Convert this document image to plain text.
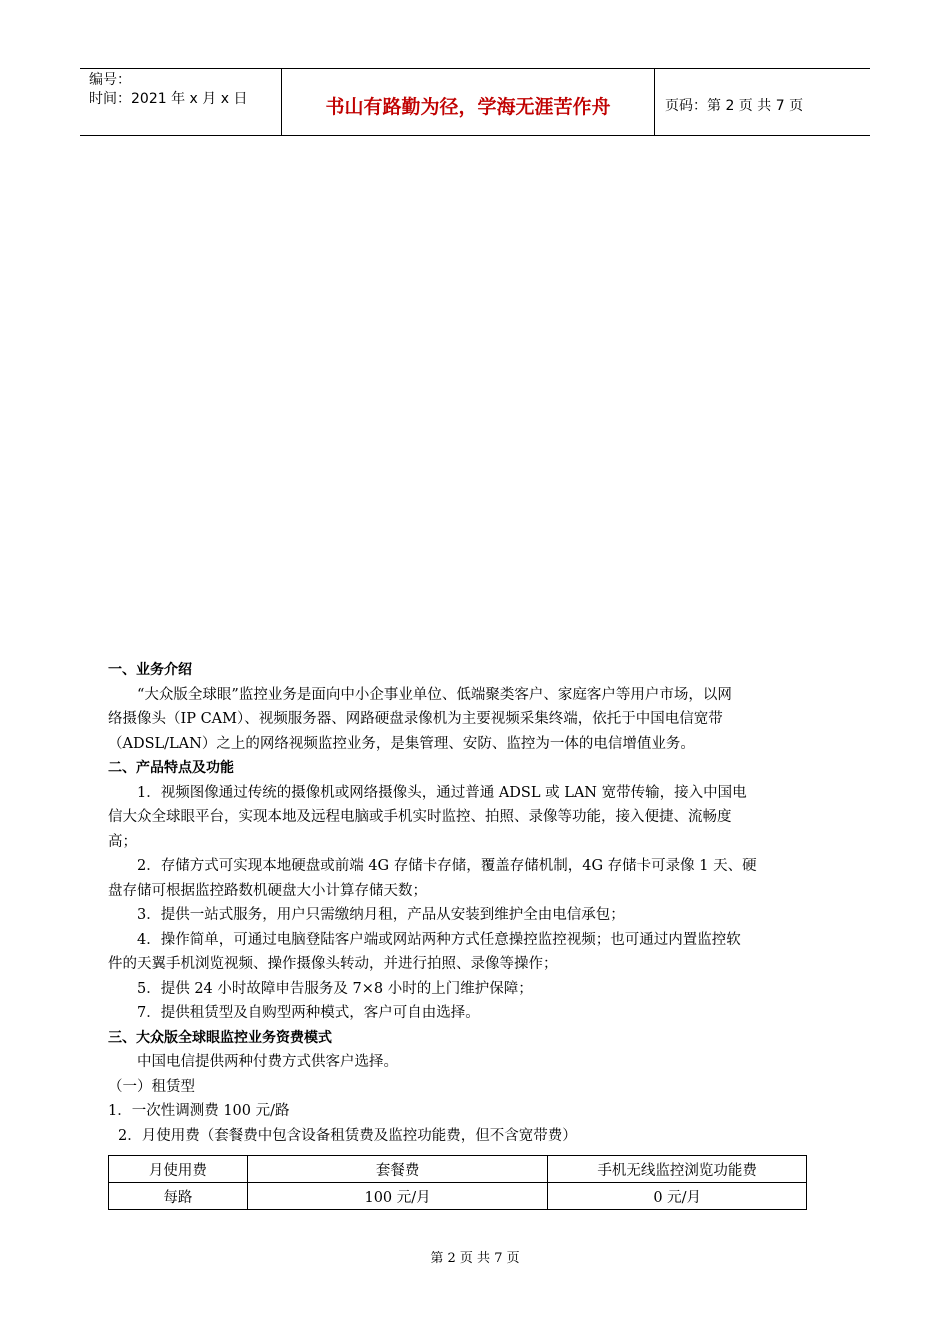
编号：
时间：2021 年 x 月 x 日	书山有路勤为径，学海无涯苦作舟	页码：第 2 页 共 7 页
一、业务介绍
“大众版全球眼”监控业务是面向中小企事业单位、低端聚类客户、家庭客户等用户市场，以网
络摄像头（IP CAM）、视频服务器、网路硬盘录像机为主要视频采集终端，依托于中国电信宽带
（ADSL/LAN）之上的网络视频监控业务，是集管理、安防、监控为一体的电信增值业务。
二、产品特点及功能
1．视频图像通过传统的摄像机或网络摄像头，通过普通 ADSL 或 LAN 宽带传输，接入中国电
信大众全球眼平台，实现本地及远程电脑或手机实时监控、拍照、录像等功能，接入便捷、流畅度
高；
2．存储方式可实现本地硬盘或前端 4G 存储卡存储，覆盖存储机制，4G 存储卡可录像 1 天、硬
盘存储可根据监控路数机硬盘大小计算存储天数；
3．提供一站式服务，用户只需缴纳月租，产品从安装到维护全由电信承包；
4．操作简单，可通过电脑登陆客户端或网站两种方式任意操控监控视频；也可通过内置监控软
件的天翼手机浏览视频、操作摄像头转动，并进行拍照、录像等操作；
5．提供 24 小时故障申告服务及 7×8 小时的上门维护保障；
7．提供租赁型及自购型两种模式，客户可自由选择。
三、大众版全球眼监控业务资费模式
中国电信提供两种付费方式供客户选择。
（一）租赁型
1．一次性调测费 100 元/路
2．月使用费（套餐费中包含设备租赁费及监控功能费，但不含宽带费）
月使用费	套餐费	手机无线监控浏览功能费
每路	100 元/月	0 元/月
第 2 页 共 7 页
